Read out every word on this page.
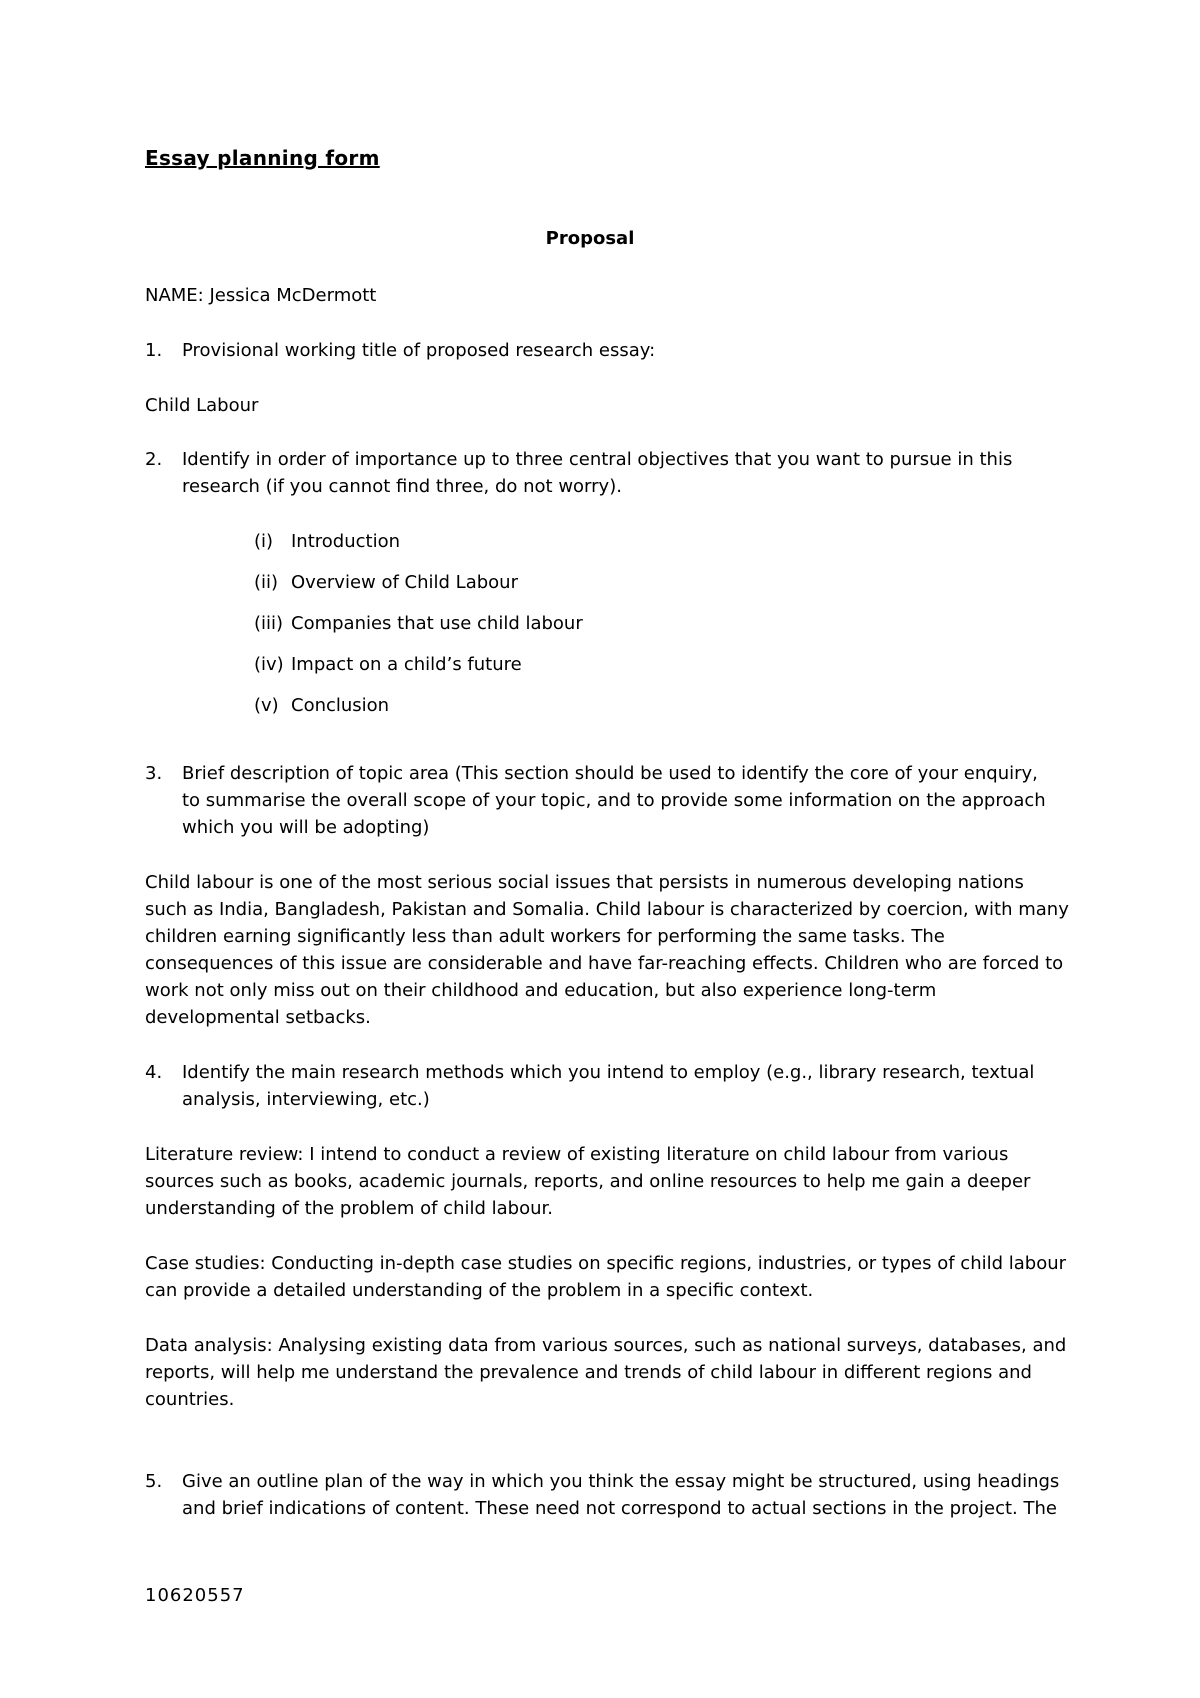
Essay planning form
Proposal
NAME: Jessica McDermott
1. Provisional working title of proposed research essay:
Child Labour
2. Identify in order of importance up to three central objectives that you want to pursue in this
research (if you cannot find three, do not worry).
(i) Introduction
(ii) Overview of Child Labour
(iii) Companies that use child labour
(iv) Impact on a child’s future
(v) Conclusion
3. Brief description of topic area (This section should be used to identify the core of your enquiry,
to summarise the overall scope of your topic, and to provide some information on the approach
which you will be adopting)
Child labour is one of the most serious social issues that persists in numerous developing nations
such as India, Bangladesh, Pakistan and Somalia. Child labour is characterized by coercion, with many
children earning significantly less than adult workers for performing the same tasks. The
consequences of this issue are considerable and have far-reaching effects. Children who are forced to
work not only miss out on their childhood and education, but also experience long-term
developmental setbacks.
4. Identify the main research methods which you intend to employ (e.g., library research, textual
analysis, interviewing, etc.)
Literature review: I intend to conduct a review of existing literature on child labour from various
sources such as books, academic journals, reports, and online resources to help me gain a deeper
understanding of the problem of child labour.
Case studies: Conducting in-depth case studies on specific regions, industries, or types of child labour
can provide a detailed understanding of the problem in a specific context.
Data analysis: Analysing existing data from various sources, such as national surveys, databases, and
reports, will help me understand the prevalence and trends of child labour in different regions and
countries.
5. Give an outline plan of the way in which you think the essay might be structured, using headings
and brief indications of content. These need not correspond to actual sections in the project. The
10620557
